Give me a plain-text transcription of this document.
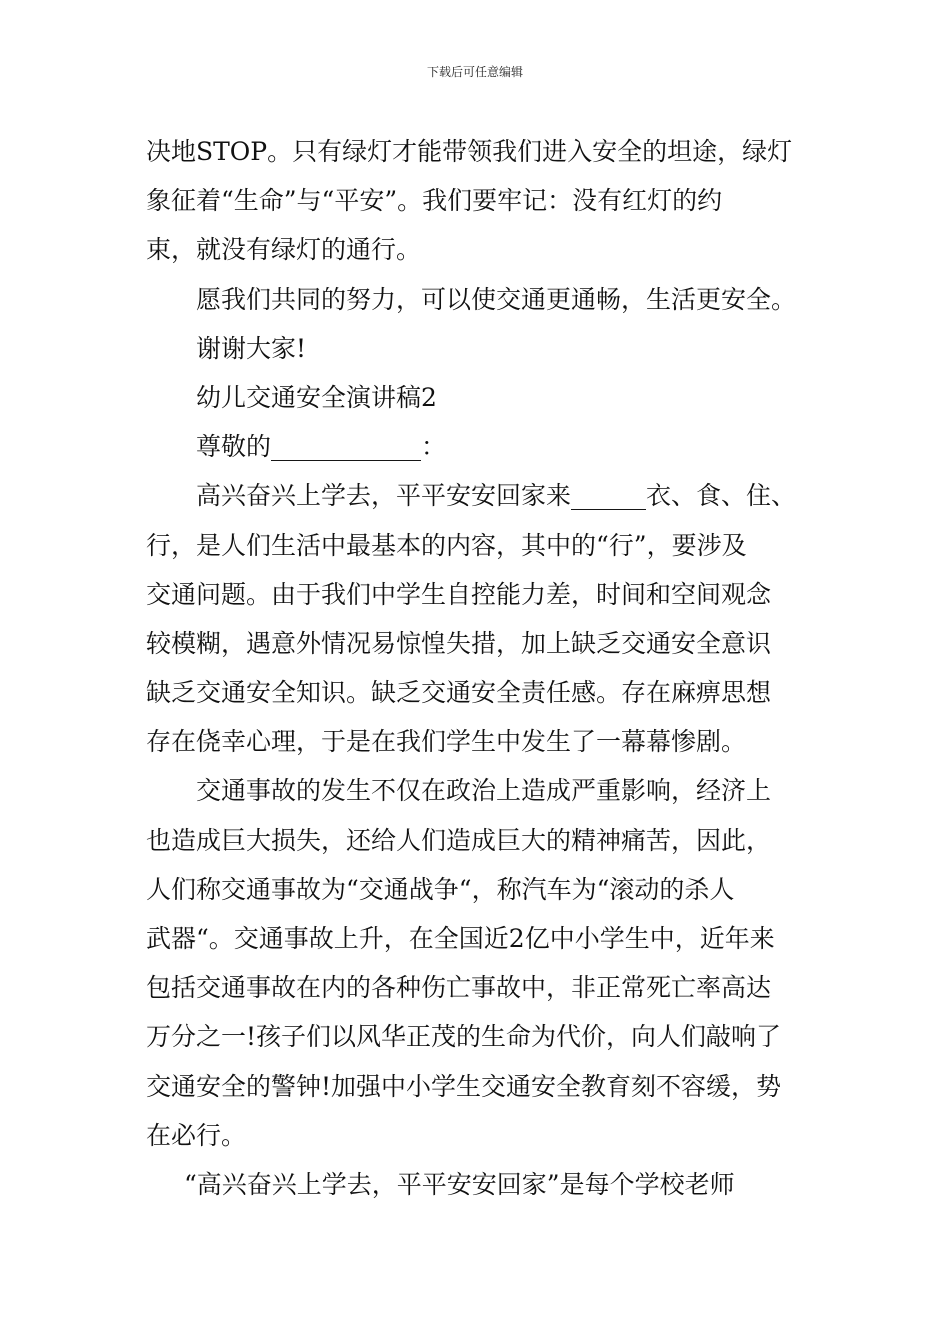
下载后可任意编辑
决地STOP。只有绿灯才能带领我们进入安全的坦途，绿灯
象征着“生命”与“平安”。我们要牢记：没有红灯的约
束，就没有绿灯的通行。
愿我们共同的努力，可以使交通更通畅，生活更安全。
谢谢大家!
幼儿交通安全演讲稿2
尊敬的____________：
高兴奋兴上学去，平平安安回家来______衣、食、住、
行，是人们生活中最基本的内容，其中的“行”，要涉及
交通问题。由于我们中学生自控能力差，时间和空间观念
较模糊，遇意外情况易惊惶失措，加上缺乏交通安全意识
缺乏交通安全知识。缺乏交通安全责任感。存在麻痹思想
存在侥幸心理，于是在我们学生中发生了一幕幕惨剧。
交通事故的发生不仅在政治上造成严重影响，经济上
也造成巨大损失，还给人们造成巨大的精神痛苦，因此，
人们称交通事故为“交通战争“，称汽车为“滚动的杀人
武器“。交通事故上升，在全国近2亿中小学生中，近年来
包括交通事故在内的各种伤亡事故中，非正常死亡率高达
万分之一!孩子们以风华正茂的生命为代价，向人们敲响了
交通安全的警钟!加强中小学生交通安全教育刻不容缓，势
在必行。
“高兴奋兴上学去，平平安安回家”是每个学校老师
